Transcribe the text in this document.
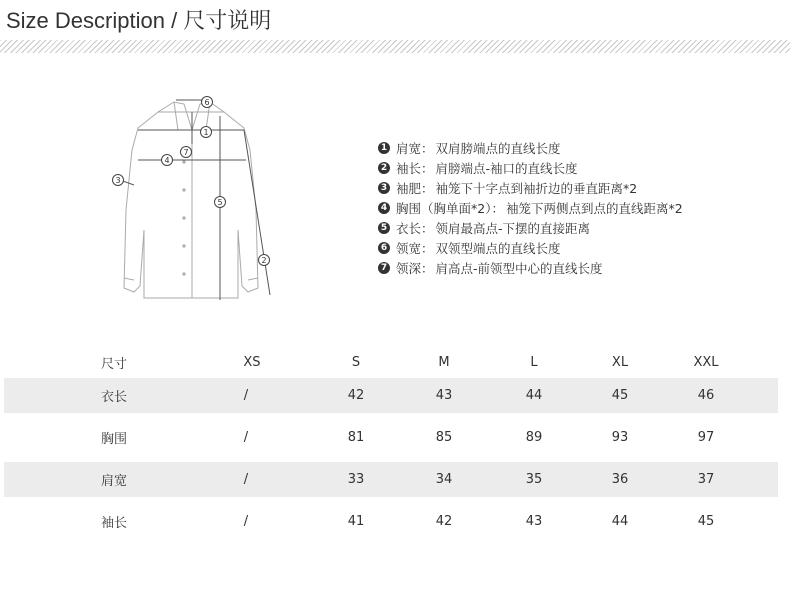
Size Description / 尺寸说明
6
1
7
4
3
5
2
1 肩宽： 双肩膀端点的直线长度
2 袖长： 肩膀端点-袖口的直线长度
3 袖肥： 袖笼下十字点到袖折边的垂直距离*2
4 胸围（胸单面*2）： 袖笼下两侧点到点的直线距离*2
5 衣长： 领肩最高点-下摆的直接距离
6 领宽： 双领型端点的直线长度
7 领深： 肩高点-前领型中心的直线长度
尺寸	XS	S	M	L	XL	XXL
衣长	/	42	43	44	45	46
胸围	/	81	85	89	93	97
肩宽	/	33	34	35	36	37
袖长	/	41	42	43	44	45
